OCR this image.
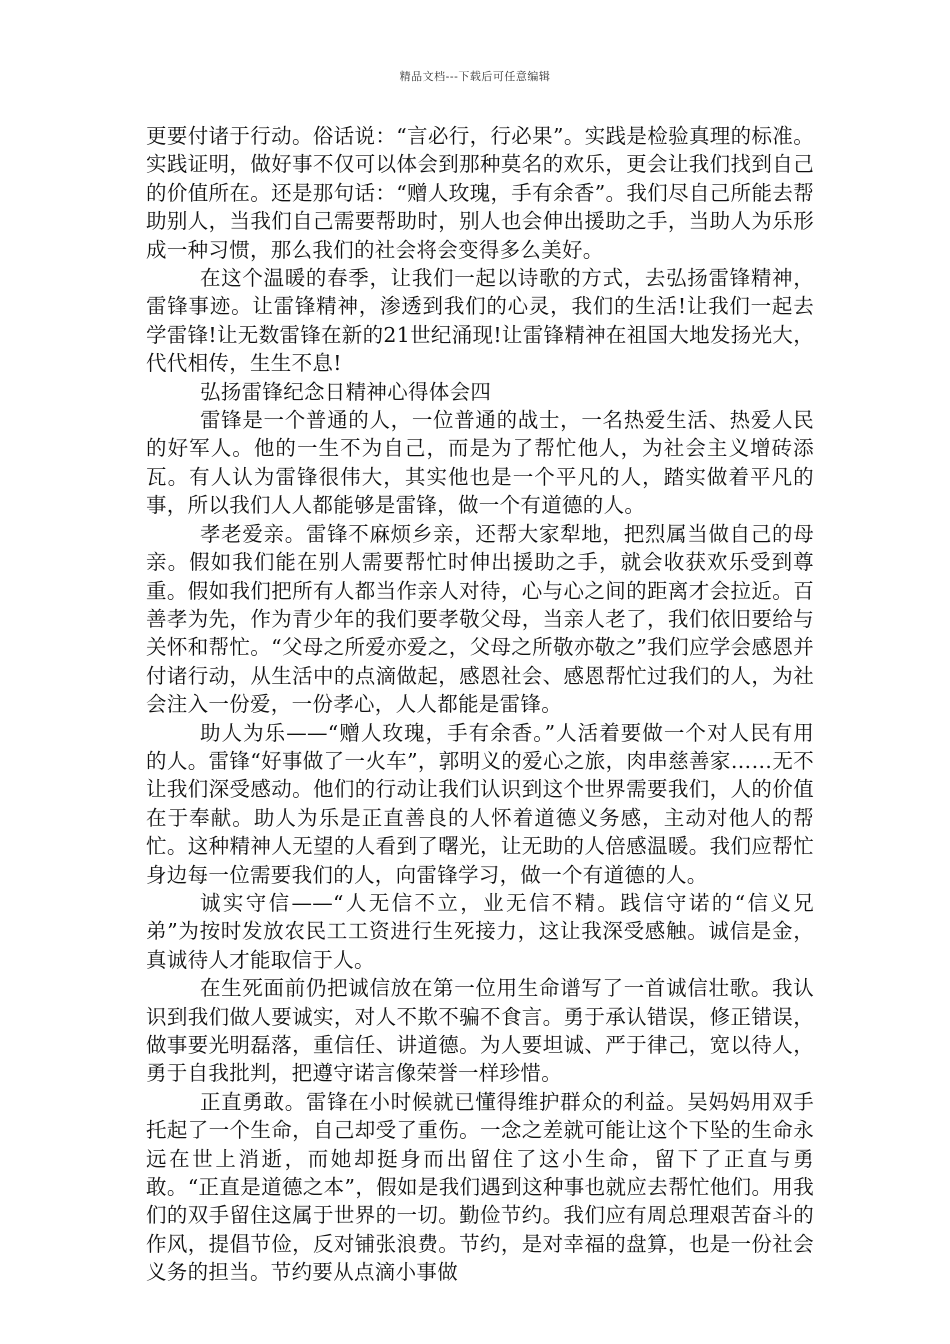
精品文档---下载后可任意编辑

更要付诸于行动。俗话说：“言必行，行必果”。实践是检验真理的标准。实践证明，做好事不仅可以体会到那种莫名的欢乐，更会让我们找到自己的价值所在。还是那句话：“赠人玫瑰，手有余香”。我们尽自己所能去帮助别人，当我们自己需要帮助时，别人也会伸出援助之手，当助人为乐形成一种习惯，那么我们的社会将会变得多么美好。

在这个温暖的春季，让我们一起以诗歌的方式，去弘扬雷锋精神，雷锋事迹。让雷锋精神，渗透到我们的心灵，我们的生活!让我们一起去学雷锋!让无数雷锋在新的21世纪涌现!让雷锋精神在祖国大地发扬光大，代代相传，生生不息!

弘扬雷锋纪念日精神心得体会四

雷锋是一个普通的人，一位普通的战士，一名热爱生活、热爱人民的好军人。他的一生不为自己，而是为了帮忙他人，为社会主义增砖添瓦。有人认为雷锋很伟大，其实他也是一个平凡的人，踏实做着平凡的事，所以我们人人都能够是雷锋，做一个有道德的人。

孝老爱亲。雷锋不麻烦乡亲，还帮大家犁地，把烈属当做自己的母亲。假如我们能在别人需要帮忙时伸出援助之手，就会收获欢乐受到尊重。假如我们把所有人都当作亲人对待，心与心之间的距离才会拉近。百善孝为先，作为青少年的我们要孝敬父母，当亲人老了，我们依旧要给与关怀和帮忙。“父母之所爱亦爱之，父母之所敬亦敬之”我们应学会感恩并付诸行动，从生活中的点滴做起，感恩社会、感恩帮忙过我们的人，为社会注入一份爱，一份孝心，人人都能是雷锋。

助人为乐——“赠人玫瑰，手有余香。”人活着要做一个对人民有用的人。雷锋“好事做了一火车”，郭明义的爱心之旅，肉串慈善家……无不让我们深受感动。他们的行动让我们认识到这个世界需要我们，人的价值在于奉献。助人为乐是正直善良的人怀着道德义务感，主动对他人的帮忙。这种精神人无望的人看到了曙光，让无助的人倍感温暖。我们应帮忙身边每一位需要我们的人，向雷锋学习，做一个有道德的人。

诚实守信——“人无信不立，业无信不精。践信守诺的“信义兄弟”为按时发放农民工工资进行生死接力，这让我深受感触。诚信是金，真诚待人才能取信于人。

在生死面前仍把诚信放在第一位用生命谱写了一首诚信壮歌。我认识到我们做人要诚实，对人不欺不骗不食言。勇于承认错误，修正错误，做事要光明磊落，重信任、讲道德。为人要坦诚、严于律己，宽以待人，勇于自我批判，把遵守诺言像荣誉一样珍惜。

正直勇敢。雷锋在小时候就已懂得维护群众的利益。吴妈妈用双手托起了一个生命，自己却受了重伤。一念之差就可能让这个下坠的生命永远在世上消逝，而她却挺身而出留住了这小生命，留下了正直与勇敢。“正直是道德之本”，假如是我们遇到这种事也就应去帮忙他们。用我们的双手留住这属于世界的一切。勤俭节约。我们应有周总理艰苦奋斗的作风，提倡节俭，反对铺张浪费。节约，是对幸福的盘算，也是一份社会义务的担当。节约要从点滴小事做
